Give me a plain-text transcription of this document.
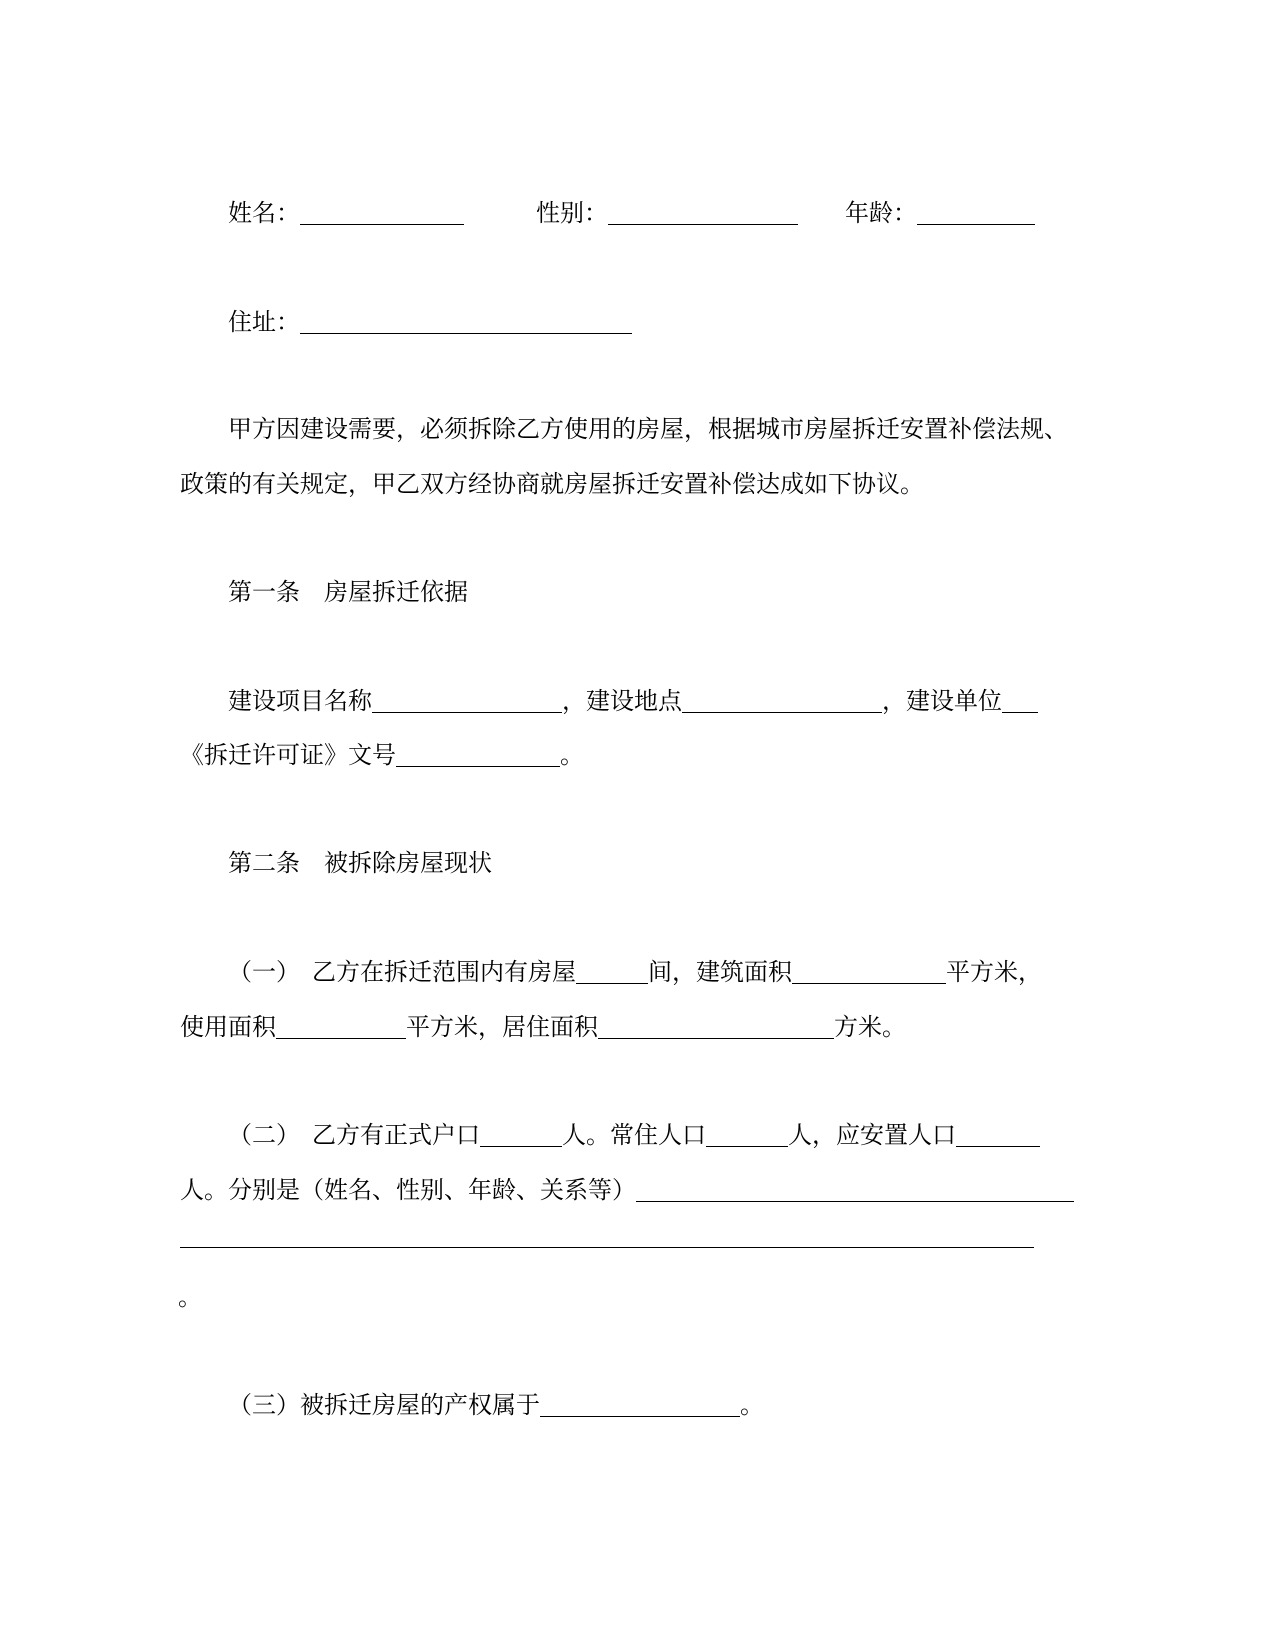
姓名：	性别：	年龄：
住址：
甲方因建设需要，必须拆除乙方使用的房屋，根据城市房屋拆迁安置补偿法规、
政策的有关规定，甲乙双方经协商就房屋拆迁安置补偿达成如下协议。
第一条　房屋拆迁依据
建设项目名称	，建设地点	，建设单位
《拆迁许可证》文号	。
第二条　被拆除房屋现状
（一）　乙方在拆迁范围内有房屋	间，建筑面积	平方米，
使用面积	平方米，居住面积	方米。
（二）　乙方有正式户口	人。常住人口	人，应安置人口
人。分别是（姓名、性别、年龄、关系等）
。
（三）被拆迁房屋的产权属于	。
